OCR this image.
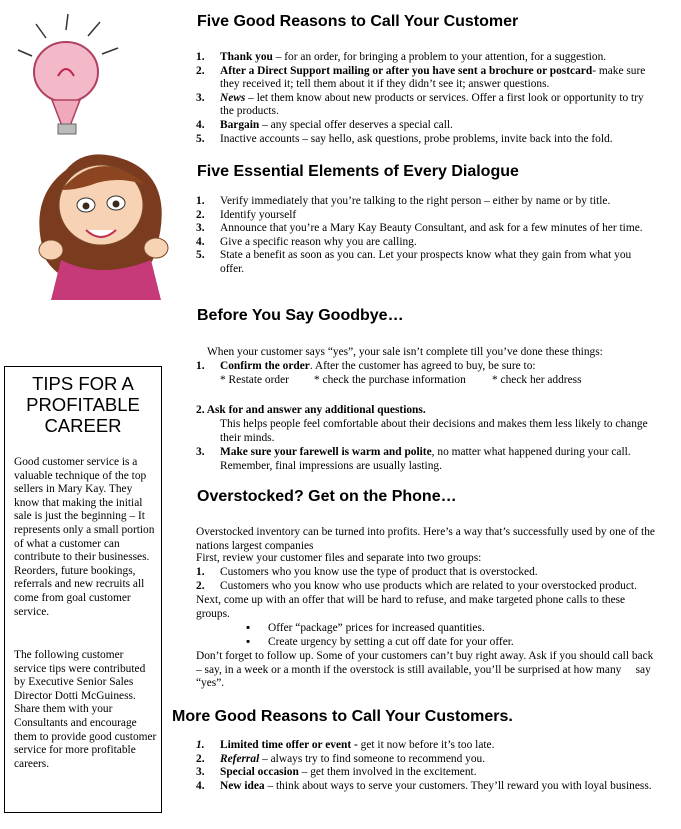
Five Good Reasons to Call Your Customer
1. Thank you – for an order, for bringing a problem to your attention, for a suggestion.
2. After a Direct Support mailing or after you have sent a brochure or postcard- make sure they received it; tell them about it if they didn’t see it; answer questions.
3. News – let them know about new products or services. Offer a first look or opportunity to try the products.
4. Bargain – any special offer deserves a special call.
5. Inactive accounts – say hello, ask questions, probe problems, invite back into the fold.
Five Essential Elements of Every Dialogue
1. Verify immediately that you’re talking to the right person – either by name or by title.
2. Identify yourself
3. Announce that you’re a Mary Kay Beauty Consultant, and ask for a few minutes of her time.
4. Give a specific reason why you are calling.
5. State a benefit as soon as you can. Let your prospects know what they gain from what you offer.
Before You Say Goodbye…
When your customer says “yes”, your sale isn’t complete till you’ve done these things:
1. Confirm the order. After the customer has agreed to buy, be sure to:
* Restate order * check the purchase information * check her address
2. Ask for and answer any additional questions.
This helps people feel comfortable about their decisions and makes them less likely to change their minds.
3. Make sure your farewell is warm and polite, no matter what happened during your call. Remember, final impressions are usually lasting.
Overstocked? Get on the Phone…
Overstocked inventory can be turned into profits. Here’s a way that’s successfully used by one of the nations largest companies
First, review your customer files and separate into two groups:
1. Customers who you know use the type of product that is overstocked.
2. Customers who you know who use products which are related to your overstocked product.
Next, come up with an offer that will be hard to refuse, and make targeted phone calls to these groups.
▪ Offer “package” prices for increased quantities.
▪ Create urgency by setting a cut off date for your offer.
Don’t forget to follow up. Some of your customers can’t buy right away. Ask if you should call back – say, in a week or a month if the overstock is still available, you’ll be surprised at how many     say “yes”.
More Good Reasons to Call Your Customers.
1. Limited time offer or event - get it now before it’s too late.
2. Referral – always try to find someone to recommend you.
3. Special occasion – get them involved in the excitement.
4. New idea – think about ways to serve your customers. They’ll reward you with loyal business.
TIPS FOR A
PROFITABLE
CAREER
Good customer service is a valuable technique of the top sellers in Mary Kay. They know that making the initial sale is just the beginning – It represents only a small portion of what a customer can contribute to their businesses. Reorders, future bookings, referrals and new recruits all come from goal customer service.
The following customer service tips were contributed by Executive Senior Sales Director Dotti McGuiness. Share them with your Consultants and encourage them to provide good customer service for more profitable careers.
